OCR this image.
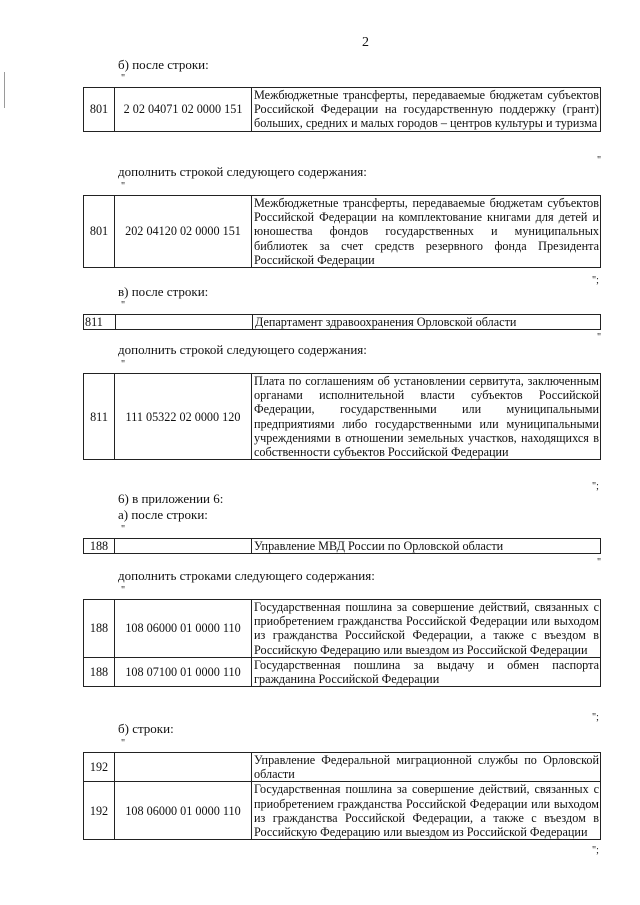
2
б) после строки:
"
801	2 02 04071 02 0000 151	Межбюджетные трансферты, передаваемые бюджетам субъектов Российской Федерации на государственную поддержку (грант) больших, средних и малых городов – центров культуры и туризма
"
дополнить строкой следующего содержания:
"
801	202 04120 02 0000 151	Межбюджетные трансферты, передаваемые бюджетам субъектов Российской Федерации на комплектование книгами для детей и юношества фондов государственных и муниципальных библиотек за счет средств резервного фонда Президента Российской Федерации
";
в) после строки:
"
811		Департамент здравоохранения Орловской области
"
дополнить строкой следующего содержания:
"
811	111 05322 02 0000 120	Плата по соглашениям об установлении сервитута, заключенным органами исполнительной власти субъектов Российской Федерации, государственными или муниципальными предприятиями либо государственными или муниципальными учреждениями в отношении земельных участков, находящихся в собственности субъектов Российской Федерации
";
6) в приложении 6:
а) после строки:
"
188		Управление МВД России по Орловской области
"
дополнить строками следующего содержания:
"
188	108 06000 01 0000 110	Государственная пошлина за совершение действий, связанных с приобретением гражданства Российской Федерации или выходом из гражданства Российской Федерации, а также с въездом в Российскую Федерацию или выездом из Российской Федерации
188	108 07100 01 0000 110	Государственная пошлина за выдачу и обмен паспорта гражданина Российской Федерации
";
б) строки:
"
192		Управление Федеральной миграционной службы по Орловской области
192	108 06000 01 0000 110	Государственная пошлина за совершение действий, связанных с приобретением гражданства Российской Федерации или выходом из гражданства Российской Федерации, а также с въездом в Российскую Федерацию или выездом из Российской Федерации
";
